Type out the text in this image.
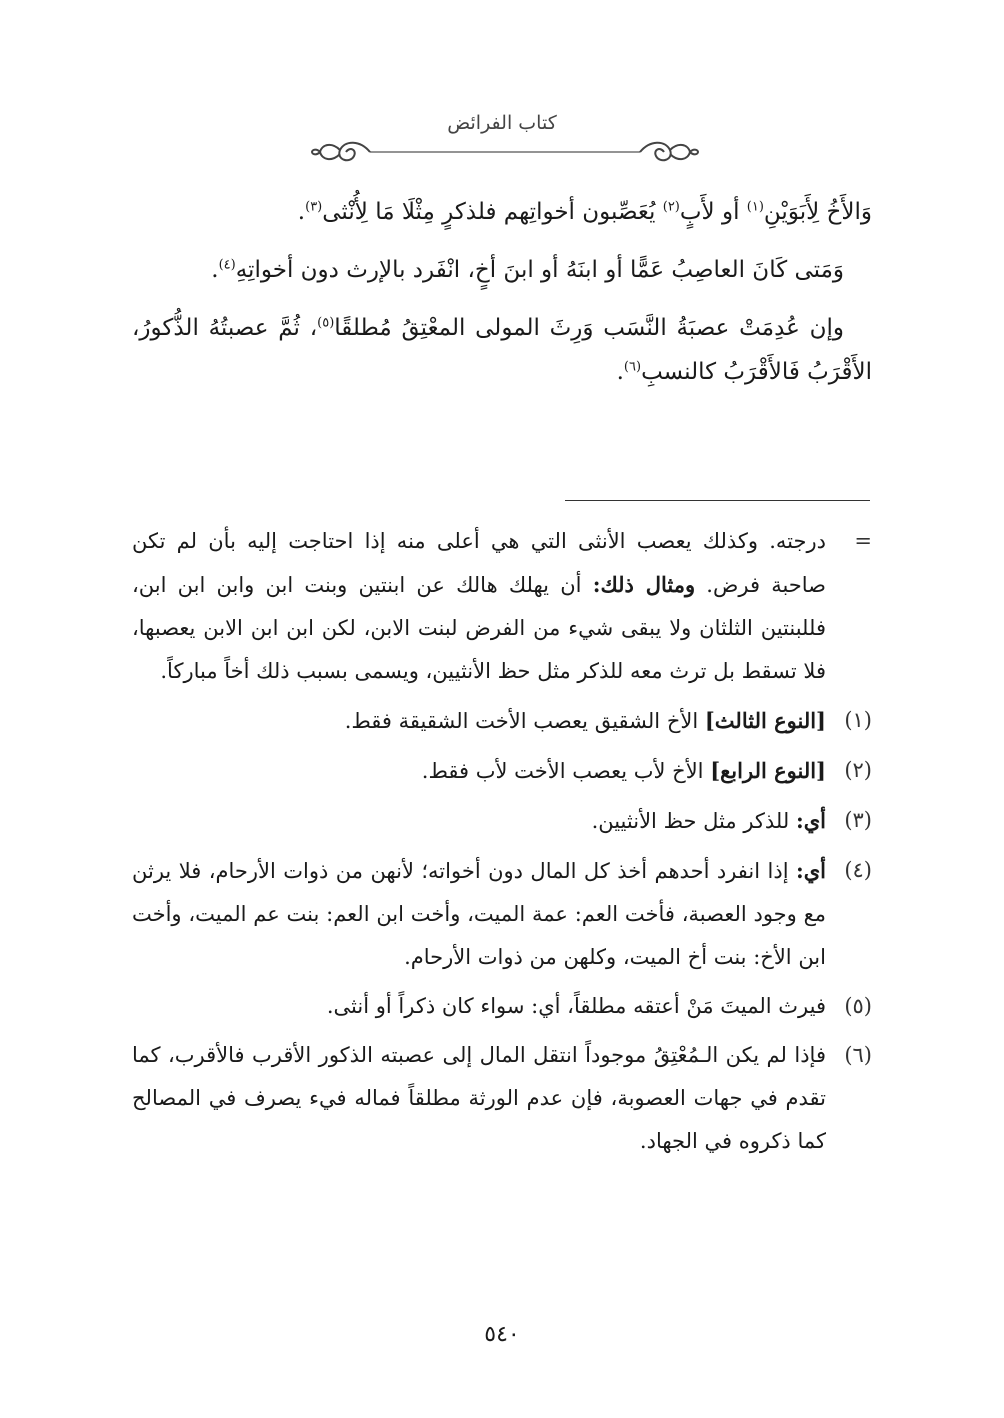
كتاب الفرائض

وَالأَخُ لِأَبَوَيْنِ$^{(١)}$ أو لأَبٍ$^{(٢)}$ يُعَصِّبون أخواتِهم فلذكرٍ مِثْلَا مَا لِأُنْثى$^{(٣)}$.

وَمَتى كَانَ العاصِبُ عَمًّا أو ابنَهُ أو ابنَ أخٍ، انْفَرد بالإرث دون أخواتِهِ$^{(٤)}$.

وإن عُدِمَتْ عصبَةُ النَّسَب وَرِثَ المولى المعْتِقُ مُطلقًا$^{(٥)}$، ثُمَّ عصبتُهُ الذُّكورُ، الأَقْرَبُ فَالأَقْرَبُ كالنسبِ$^{(٦)}$.

=
درجته. وكذلك يعصب الأنثى التي هي أعلى منه إذا احتاجت إليه بأن لم تكن صاحبة فرض. ومثال ذلك: أن يهلك هالك عن ابنتين وبنت ابن وابن ابن ابن، فللبنتين الثلثان ولا يبقى شيء من الفرض لبنت الابن، لكن ابن ابن الابن يعصبها، فلا تسقط بل ترث معه للذكر مثل حظ الأنثيين، ويسمى بسبب ذلك أخاً مباركاً.
(١)
[النوع الثالث] الأخ الشقيق يعصب الأخت الشقيقة فقط.
(٢)
[النوع الرابع] الأخ لأب يعصب الأخت لأب فقط.
(٣)
أي: للذكر مثل حظ الأنثيين.
(٤)
أي: إذا انفرد أحدهم أخذ كل المال دون أخواته؛ لأنهن من ذوات الأرحام، فلا يرثن مع وجود العصبة، فأخت العم: عمة الميت، وأخت ابن العم: بنت عم الميت، وأخت ابن الأخ: بنت أخ الميت، وكلهن من ذوات الأرحام.
(٥)
فيرث الميتَ مَنْ أعتقه مطلقاً، أي: سواء كان ذكراً أو أنثى.
(٦)
فإذا لم يكن الـمُعْتِقُ موجوداً انتقل المال إلى عصبته الذكور الأقرب فالأقرب، كما تقدم في جهات العصوبة، فإن عدم الورثة مطلقاً فماله فيء يصرف في المصالح كما ذكروه في الجهاد.
٥٤٠
